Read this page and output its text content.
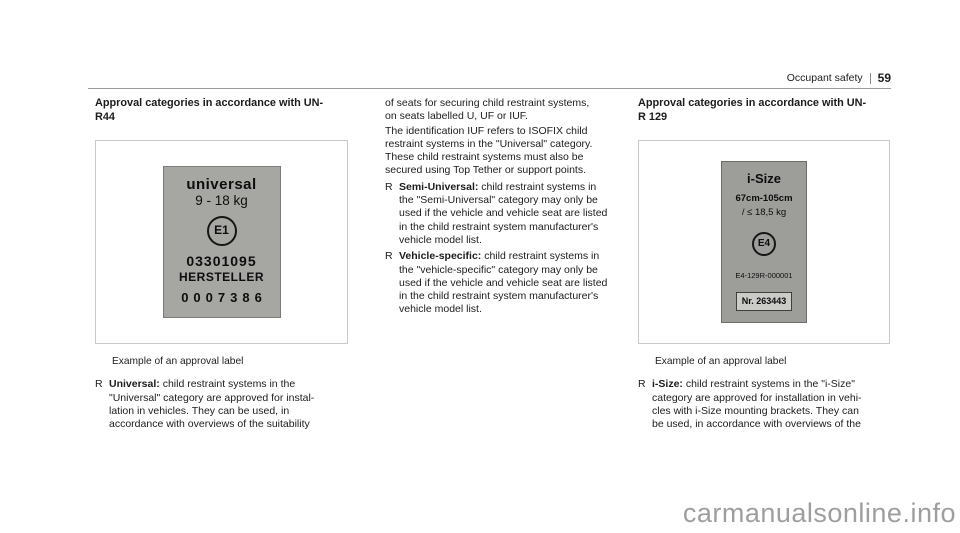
Occupant safety 59
Approval categories in accordance with UN-
R44
universal
9 - 18 kg
E1
03301095
HERSTELLER
0007386
Example of an approval label
R Universal: child restraint systems in the
"Universal" category are approved for instal-
lation in vehicles. They can be used, in
accordance with overviews of the suitability

of seats for securing child restraint systems,
on seats labelled U, UF or IUF.

The identification IUF refers to ISOFIX child
restraint systems in the "Universal" category.
These child restraint systems must also be
secured using Top Tether or support points.

R Semi-Universal: child restraint systems in
the "Semi-Universal" category may only be
used if the vehicle and vehicle seat are listed
in the child restraint system manufacturer's
vehicle model list.
R Vehicle-specific: child restraint systems in
the "vehicle-specific" category may only be
used if the vehicle and vehicle seat are listed
in the child restraint system manufacturer's
vehicle model list.
Approval categories in accordance with UN-
R 129
i-Size
67cm-105cm
/ ≤ 18,5 kg
E4
E4-129R-000001
Nr. 263443
Example of an approval label
R i-Size: child restraint systems in the "i-Size"
category are approved for installation in vehi-
cles with i-Size mounting brackets. They can
be used, in accordance with overviews of the
carmanualsonline.info
